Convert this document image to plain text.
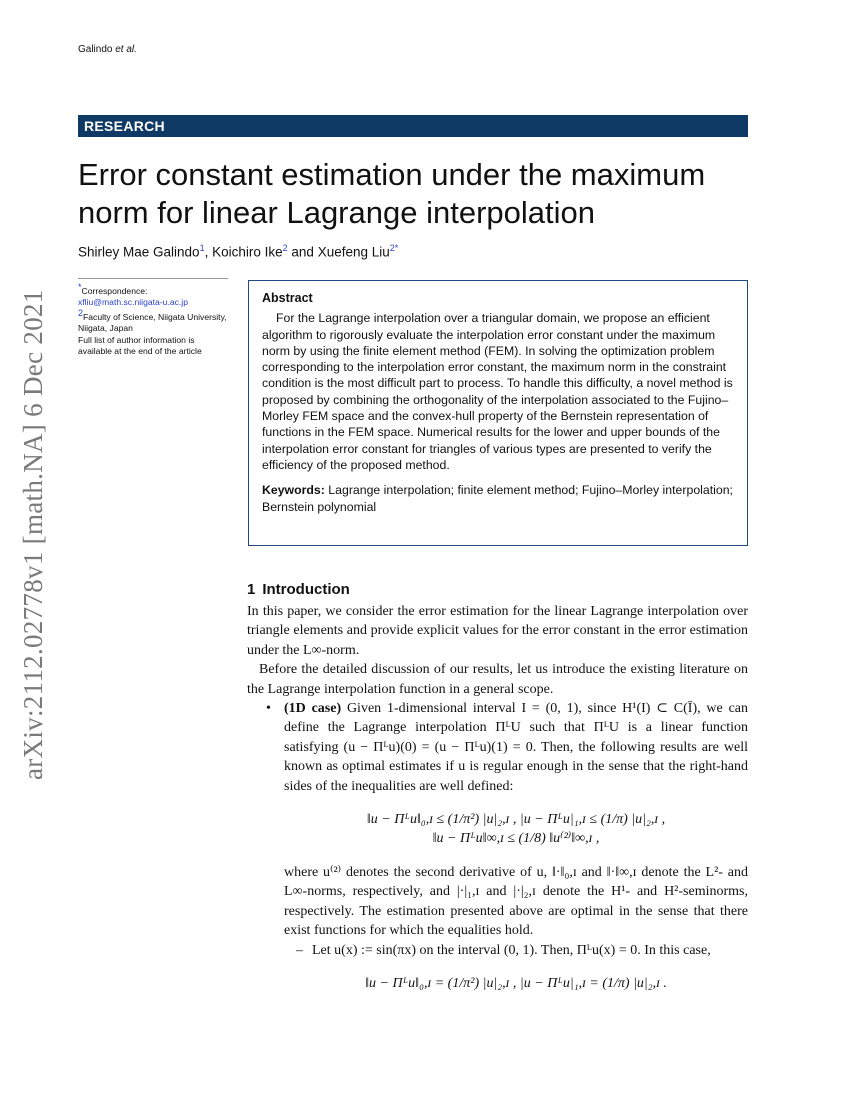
Galindo et al.
RESEARCH
Error constant estimation under the maximum norm for linear Lagrange interpolation
Shirley Mae Galindo$^1$, Koichiro Ike$^2$ and Xuefeng Liu$^{2*}$
arXiv:2112.02778v1 [math.NA] 6 Dec 2021
*Correspondence:
xfliu@math.sc.niigata-u.ac.jp
$^2$Faculty of Science, Niigata University, Niigata, Japan
Full list of author information is available at the end of the article
Abstract

For the Lagrange interpolation over a triangular domain, we propose an efficient algorithm to rigorously evaluate the interpolation error constant under the maximum norm by using the finite element method (FEM). In solving the optimization problem corresponding to the interpolation error constant, the maximum norm in the constraint condition is the most difficult part to process. To handle this difficulty, a novel method is proposed by combining the orthogonality of the interpolation associated to the Fujino–Morley FEM space and the convex-hull property of the Bernstein representation of functions in the FEM space. Numerical results for the lower and upper bounds of the interpolation error constant for triangles of various types are presented to verify the efficiency of the proposed method.

Keywords: Lagrange interpolation; finite element method; Fujino–Morley interpolation; Bernstein polynomial
1 Introduction

In this paper, we consider the error estimation for the linear Lagrange interpolation over triangle elements and provide explicit values for the error constant in the error estimation under the L∞-norm.

Before the detailed discussion of our results, let us introduce the existing literature on the Lagrange interpolation function in a general scope.

• (1D case) Given 1-dimensional interval I = (0, 1), since H¹(I) ⊂ C(Ī), we can define the Lagrange interpolation ΠᴸU such that ΠᴸU is a linear function satisfying (u − Πᴸu)(0) = (u − Πᴸu)(1) = 0. Then, the following results are well known as optimal estimates if u is regular enough in the sense that the right-hand sides of the inequalities are well defined:

‖u − Πᴸu‖₀,ɪ ≤ (1/π²) |u|₂,ɪ , |u − Πᴸu|₁,ɪ ≤ (1/π) |u|₂,ɪ ,

‖u − Πᴸu‖∞,ɪ ≤ (1/8) ‖u⁽²⁾‖∞,ɪ ,

where u⁽²⁾ denotes the second derivative of u, ‖·‖₀,ɪ and ‖·‖∞,ɪ denote the L²- and L∞-norms, respectively, and |·|₁,ɪ and |·|₂,ɪ denote the H¹- and H²-seminorms, respectively. The estimation presented above are optimal in the sense that there exist functions for which the equalities hold.

– Let u(x) := sin(πx) on the interval (0, 1). Then, Πᴸu(x) = 0. In this case,

‖u − Πᴸu‖₀,ɪ = (1/π²) |u|₂,ɪ , |u − Πᴸu|₁,ɪ = (1/π) |u|₂,ɪ .
